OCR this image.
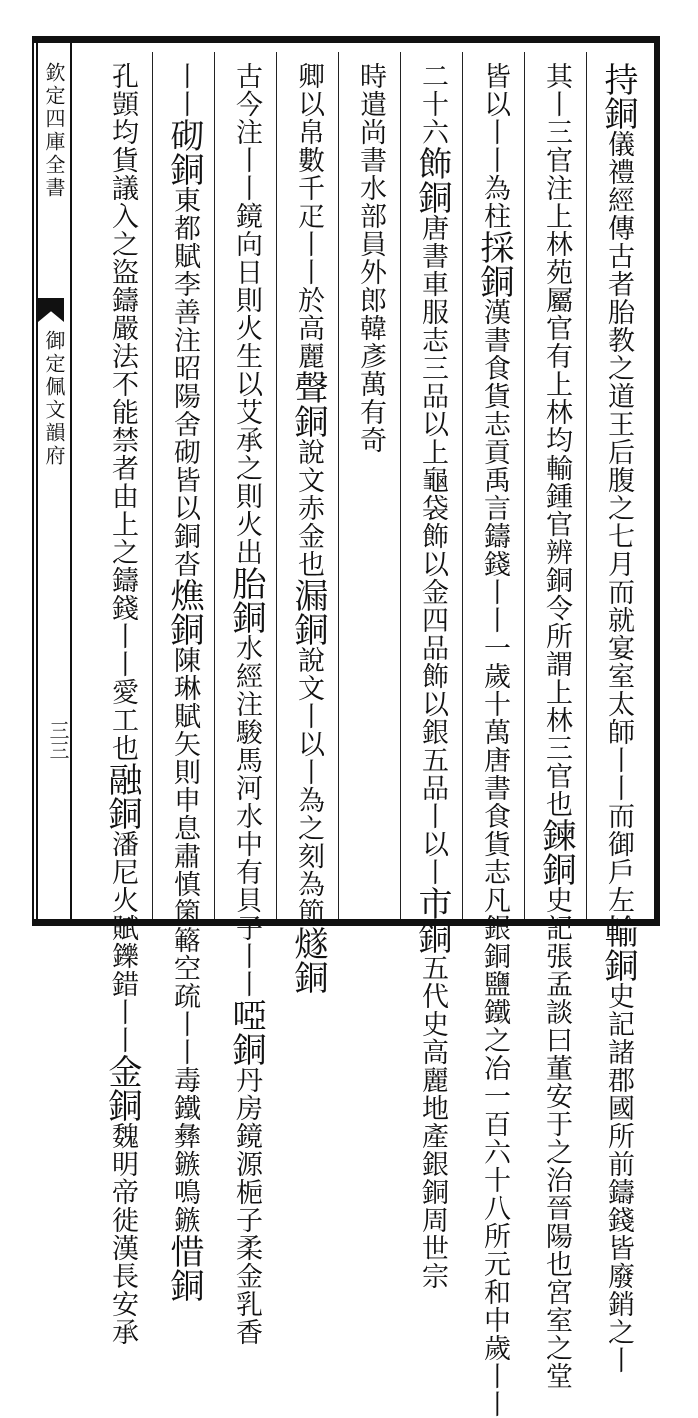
欽定四庫全書
御定佩文韻府
三三
持銅儀禮經傳古者胎教之道王后腹之七月而就宴室太師丨丨而御戶左輸銅史記諸郡國所前鑄錢皆廢銷之丨
其丨三官注上林苑屬官有上林均輸鍾官辨銅令所謂上林三官也鍊銅史記張孟談曰董安于之治晉陽也宮室之堂
皆以丨丨為柱採銅漢書食貨志貢禹言鑄錢丨丨一歲十萬唐書食貨志凡銀銅鹽鐵之冶一百六十八所元和中歲丨丨
二十六飾銅唐書車服志三品以上龜袋飾以金四品飾以銀五品丨以丨市銅五代史高麗地產銀銅周世宗
時遣尚書水部員外郎韓彥萬有奇
卿以帛數千疋丨丨於高麗聲銅說文赤金也漏銅說文丨以丨為之刻為節燧銅
古今注丨丨鏡向日則火生以艾承之則火出胎銅水經注駿馬河水中有貝子丨丨啞銅丹房鏡源梔子柔金乳香
丨丨砌銅東都賦李善注昭陽舍砌皆以銅沓燋銅陳琳賦矢則申息肅慎箘簵空疏丨丨毒鐵彝鏃鳴鏃惜銅
孔顗均貨議入之盜鑄嚴法不能禁者由上之鑄錢丨丨愛工也融銅潘尼火賦鑠錯丨丨金銅魏明帝徙漢長安承
